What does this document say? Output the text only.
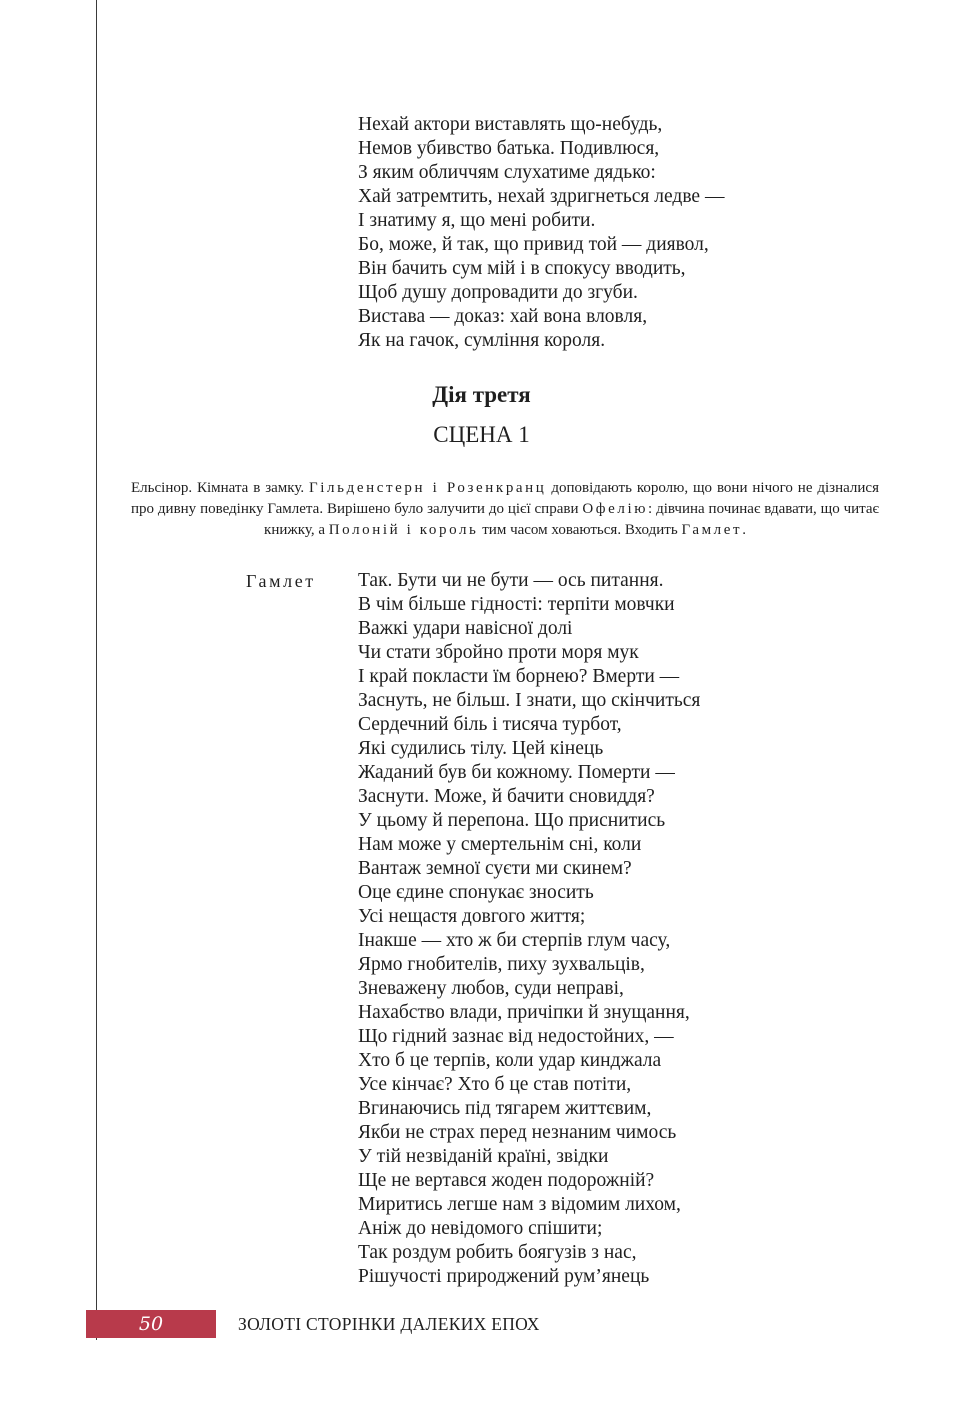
Нехай актори виставлять що-небудь,
Немов убивство батька. Подивлюся,
З яким обличчям слухатиме дядько:
Хай затремтить, нехай здригнеться ледве —
І знатиму я, що мені робити.
Бо, може, й так, що привид той — диявол,
Він бачить сум мій і в спокусу вводить,
Щоб душу допровадити до згуби.
Вистава — доказ: хай вона вловля,
Як на гачок, сумління короля.
Дія третя
СЦЕНА 1

Ельсінор. Кімната в замку. Гільденстерн і Розенкранц доповідають королю, що вони нічого не дізналися про дивну поведінку Гамлета. Вирішено було залучити до цієї справи Офелію: дівчина починає вдавати, що читає книжку, а Полоній і король тим часом ховаються. Входить Гамлет.

Гамлет Так. Бути чи не бути — ось питання.
В чім більше гідності: терпіти мовчки
Важкі удари навісної долі
Чи стати збройно проти моря мук
І край покласти їм борнею? Вмерти —
Заснуть, не більш. І знати, що скінчиться
Сердечний біль і тисяча турбот,
Які судились тілу. Цей кінець
Жаданий був би кожному. Померти —
Заснути. Може, й бачити сновиддя?
У цьому й перепона. Що приснитись
Нам може у смертельнім сні, коли
Вантаж земної суєти ми скинем?
Оце єдине спонукає зносить
Усі нещастя довгого життя;
Інакше — хто ж би стерпів глум часу,
Ярмо гнобителів, пиху зухвальців,
Зневажену любов, суди неправі,
Нахабство влади, причіпки й знущання,
Що гідний зазнає від недостойних, —
Хто б це терпів, коли удар кинджала
Усе кінчає? Хто б це став потіти,
Вгинаючись під тягарем життєвим,
Якби не страх перед незнаним чимось
У тій незвіданій країні, звідки
Ще не вертався жоден подорожній?
Миритись легше нам з відомим лихом,
Аніж до невідомого спішити;
Так роздум робить боягузів з нас,
Рішучості природжений рум’янець
50	ЗОЛОТІ СТОРІНКИ ДАЛЕКИХ ЕПОХ
